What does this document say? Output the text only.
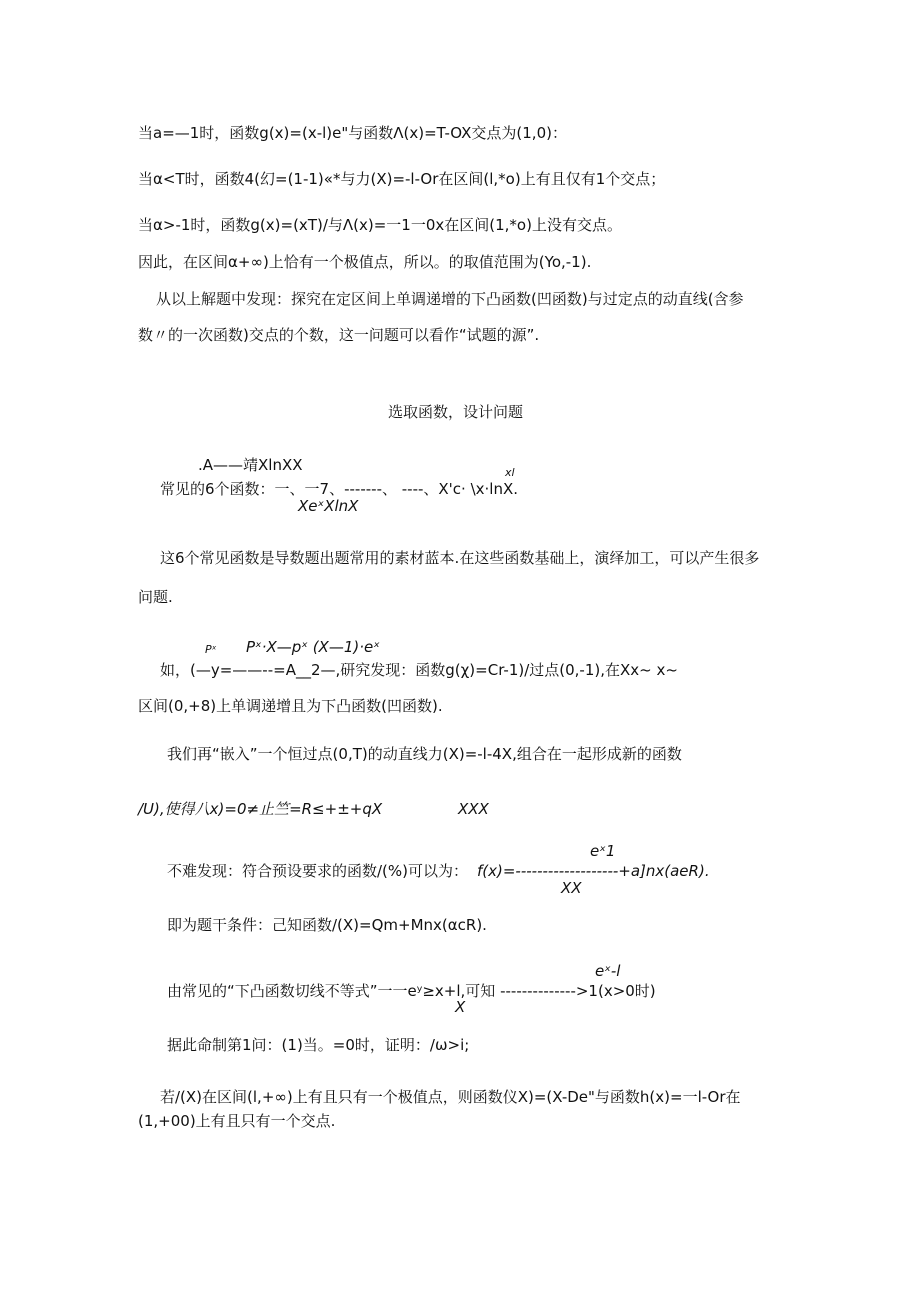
当a=—1时，函数g(x)=(x-l)e"与函数Λ(x)=T-OX交点为(1,0)：
当α<T时，函数4(幻=(1-1)«*与力(X)=-l-Or在区间(l,*o)上有且仅有1个交点；
当α>-1时，函数g(x)=(xT)/与Λ(x)=一1一0x在区间(1,*o)上没有交点。
因此，在区间α+∞)上恰有一个极值点，所以。的取值范围为(Yo,-1).
从以上解题中发现：探究在定区间上单调递增的下凸函数(凹函数)与过定点的动直线(含参
数〃的一次函数)交点的个数，这一问题可以看作“试题的源”.
选取函数，设计问题
.A——靖XlnXX	xl
常见的6个函数：一、一7、-------、 ----、X'c· \x·lnX.
XeˣXlnX
这6个常见函数是导数题出题常用的素材蓝本.在这些函数基础上，演绎加工，可以产生很多
问题.
Pˣ Pˣ·X—pˣ (X—1)·eˣ
如，(—y=——--=A__2—,研究发现：函数g(χ)=Cr-1)/过点(0,-1),在Xx~ x~
区间(0,+8)上单调递增且为下凸函数(凹函数).
我们再“嵌入”一个恒过点(0,T)的动直线力(X)=-l-4X,组合在一起形成新的函数
/U),使得八x)=0≠止竺=R≤+±+qX	XXX
eˣ1
不难发现：符合预设要求的函数/(%)可以为： f(x)=-------------------+a]nx(aeR).
XX
即为题干条件：己知函数/(X)=Qm+Mnx(αcR).
eˣ-l
由常见的“下凸函数切线不等式”一一eʸ≥x+l,可知 -------------->1(x>0时)
X
据此命制第1问：(1)当。=0时，证明：/ω>i;
若/(X)在区间(l,+∞)上有且只有一个极值点，则函数仪X)=(X-De"与函数h(x)=一l-Or在
(1,+00)上有且只有一个交点.
